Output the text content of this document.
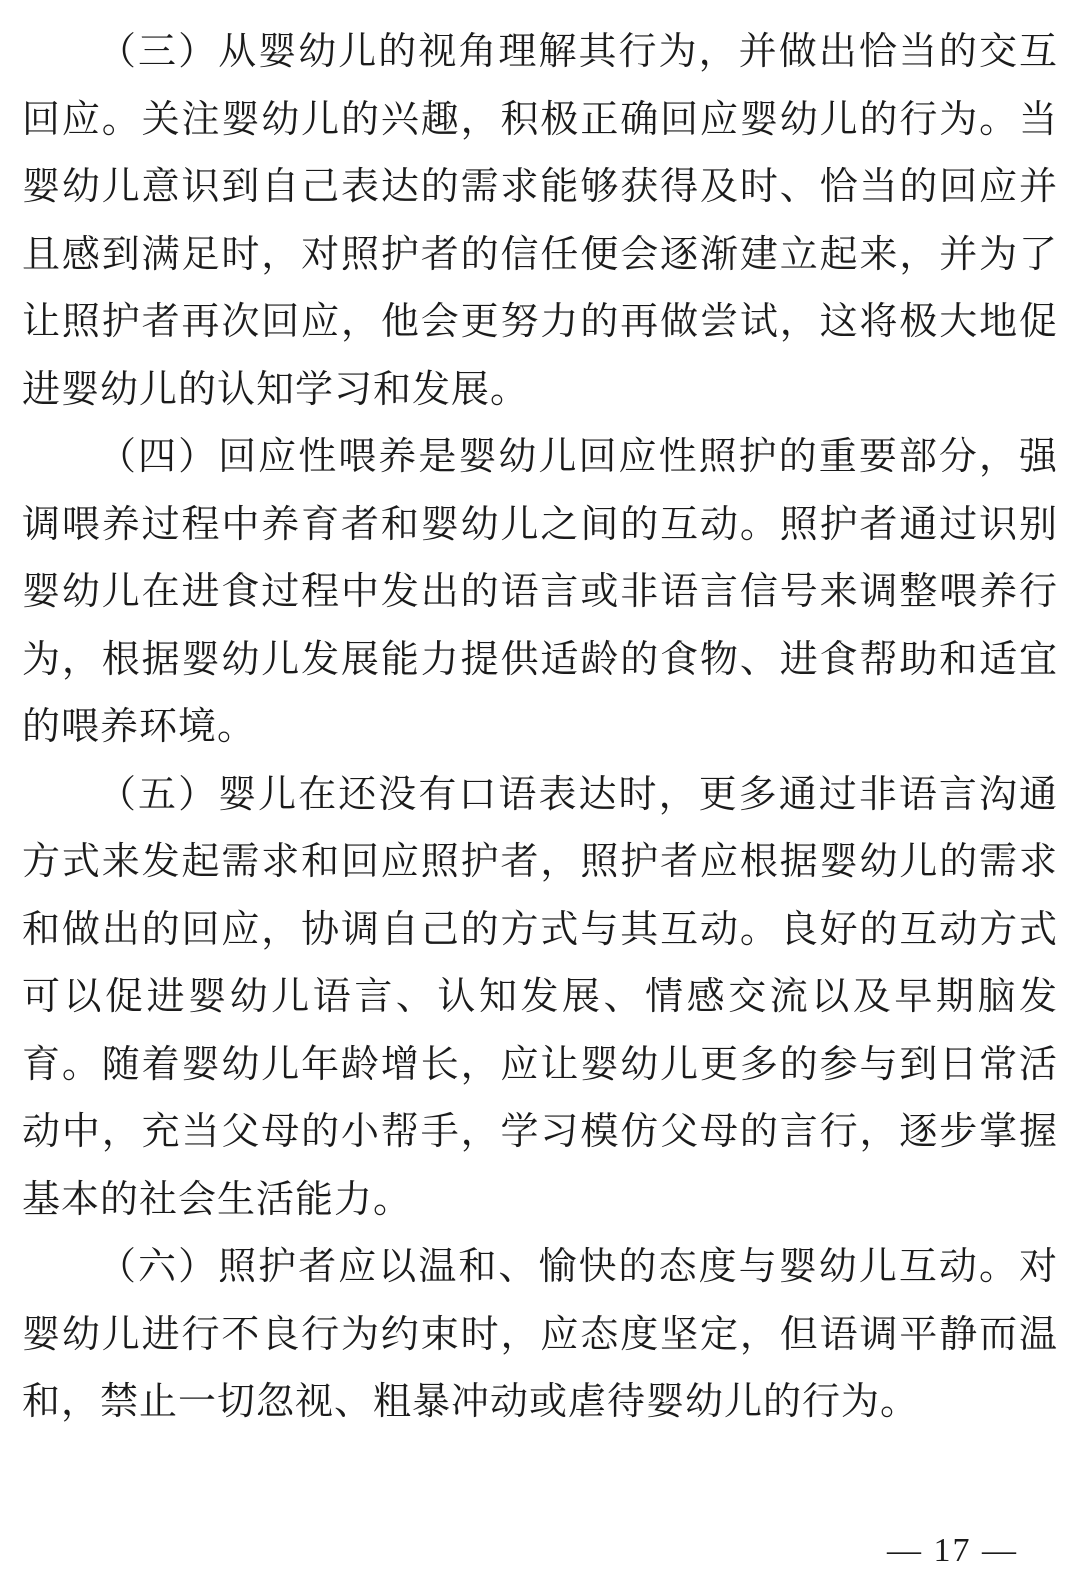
（三）从婴幼儿的视角理解其行为，并做出恰当的交互回应。关注婴幼儿的兴趣，积极正确回应婴幼儿的行为。当婴幼儿意识到自己表达的需求能够获得及时、恰当的回应并且感到满足时，对照护者的信任便会逐渐建立起来，并为了让照护者再次回应，他会更努力的再做尝试，这将极大地促进婴幼儿的认知学习和发展。

（四）回应性喂养是婴幼儿回应性照护的重要部分，强调喂养过程中养育者和婴幼儿之间的互动。照护者通过识别婴幼儿在进食过程中发出的语言或非语言信号来调整喂养行为，根据婴幼儿发展能力提供适龄的食物、进食帮助和适宜的喂养环境。

（五）婴儿在还没有口语表达时，更多通过非语言沟通方式来发起需求和回应照护者，照护者应根据婴幼儿的需求和做出的回应，协调自己的方式与其互动。良好的互动方式可以促进婴幼儿语言、认知发展、情感交流以及早期脑发育。随着婴幼儿年龄增长，应让婴幼儿更多的参与到日常活动中，充当父母的小帮手，学习模仿父母的言行，逐步掌握基本的社会生活能力。

（六）照护者应以温和、愉快的态度与婴幼儿互动。对婴幼儿进行不良行为约束时，应态度坚定，但语调平静而温和，禁止一切忽视、粗暴冲动或虐待婴幼儿的行为。

— 17 —
